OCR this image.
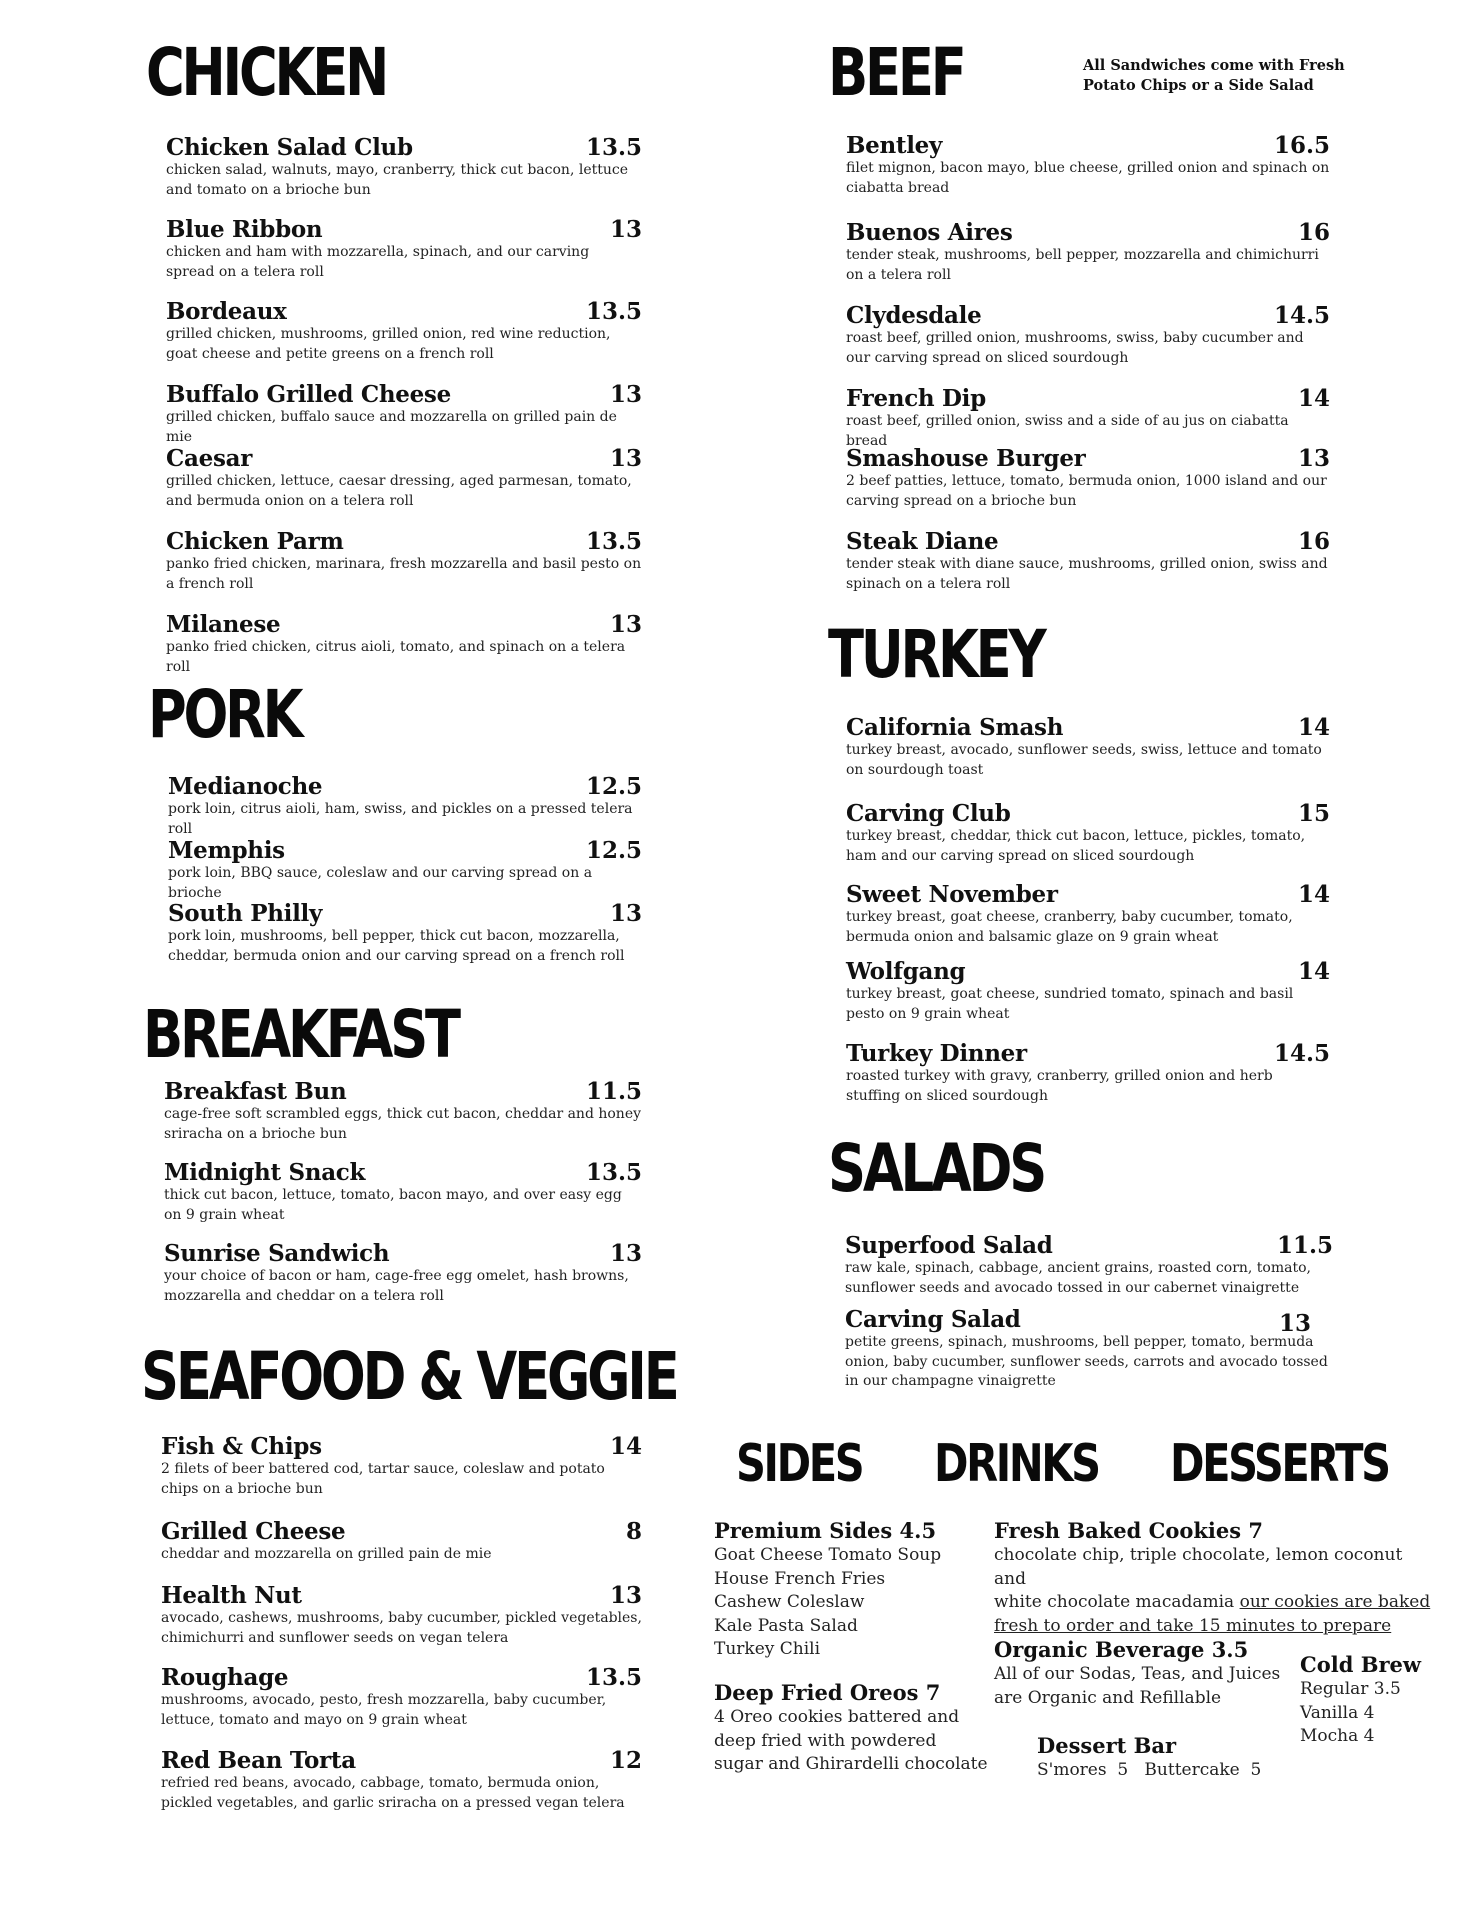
CHICKEN
PORK
BREAKFAST
SEAFOOD & VEGGIE
BEEF
TURKEY
SALADS
SIDES DRINKS DESSERTS
All Sandwiches come with Fresh Potato Chips or a Side Salad
Chicken Salad Club	13.5
chicken salad, walnuts, mayo, cranberry, thick cut bacon, lettuce and tomato on a brioche bun
Blue Ribbon	13
chicken and ham with mozzarella, spinach, and our carving spread on a telera roll
Bordeaux	13.5
grilled chicken, mushrooms, grilled onion, red wine reduction, goat cheese and petite greens on a french roll
Buffalo Grilled Cheese	13
grilled chicken, buffalo sauce and mozzarella on grilled pain de mie
Caesar	13
grilled chicken, lettuce, caesar dressing, aged parmesan, tomato, and bermuda onion on a telera roll
Chicken Parm	13.5
panko fried chicken, marinara, fresh mozzarella and basil pesto on a french roll
Milanese	13
panko fried chicken, citrus aioli, tomato, and spinach on a telera roll
Medianoche	12.5
pork loin, citrus aioli, ham, swiss, and pickles on a pressed telera roll
Memphis	12.5
pork loin, BBQ sauce, coleslaw and our carving spread on a brioche
South Philly	13
pork loin, mushrooms, bell pepper, thick cut bacon, mozzarella, cheddar, bermuda onion and our carving spread on a french roll
Breakfast Bun	11.5
cage-free soft scrambled eggs, thick cut bacon, cheddar and honey sriracha on a brioche bun
Midnight Snack	13.5
thick cut bacon, lettuce, tomato, bacon mayo, and over easy egg on 9 grain wheat
Sunrise Sandwich	13
your choice of bacon or ham, cage-free egg omelet, hash browns, mozzarella and cheddar on a telera roll
Fish & Chips	14
2 filets of beer battered cod, tartar sauce, coleslaw and potato chips on a brioche bun
Grilled Cheese	8
cheddar and mozzarella on grilled pain de mie
Health Nut	13
avocado, cashews, mushrooms, baby cucumber, pickled vegetables, chimichurri and sunflower seeds on vegan telera
Roughage	13.5
mushrooms, avocado, pesto, fresh mozzarella, baby cucumber, lettuce, tomato and mayo on 9 grain wheat
Red Bean Torta	12
refried red beans, avocado, cabbage, tomato, bermuda onion, pickled vegetables, and garlic sriracha on a pressed vegan telera
Bentley	16.5
filet mignon, bacon mayo, blue cheese, grilled onion and spinach on ciabatta bread
Buenos Aires	16
tender steak, mushrooms, bell pepper, mozzarella and chimichurri on a telera roll
Clydesdale	14.5
roast beef, grilled onion, mushrooms, swiss, baby cucumber and our carving spread on sliced sourdough
French Dip	14
roast beef, grilled onion, swiss and a side of au jus on ciabatta bread
Smashouse Burger	13
2 beef patties, lettuce, tomato, bermuda onion, 1000 island and our carving spread on a brioche bun
Steak Diane	16
tender steak with diane sauce, mushrooms, grilled onion, swiss and spinach on a telera roll
California Smash	14
turkey breast, avocado, sunflower seeds, swiss, lettuce and tomato on sourdough toast
Carving Club	15
turkey breast, cheddar, thick cut bacon, lettuce, pickles, tomato, ham and our carving spread on sliced sourdough
Sweet November	14
turkey breast, goat cheese, cranberry, baby cucumber, tomato, bermuda onion and balsamic glaze on 9 grain wheat
Wolfgang	14
turkey breast, goat cheese, sundried tomato, spinach and basil pesto on 9 grain wheat
Turkey Dinner	14.5
roasted turkey with gravy, cranberry, grilled onion and herb stuffing on sliced sourdough
Superfood Salad	11.5
raw kale, spinach, cabbage, ancient grains, roasted corn, tomato, sunflower seeds and avocado tossed in our cabernet vinaigrette
Carving Salad	13
petite greens, spinach, mushrooms, bell pepper, tomato, bermuda onion, baby cucumber, sunflower seeds, carrots and avocado tossed in our champagne vinaigrette
Premium Sides 4.5
Goat Cheese Tomato Soup
House French Fries
Cashew Coleslaw
Kale Pasta Salad
Turkey Chili
Deep Fried Oreos 7
4 Oreo cookies battered and
deep fried with powdered
sugar and Ghirardelli chocolate
Fresh Baked Cookies 7
chocolate chip, triple chocolate, lemon coconut and
white chocolate macadamia our cookies are baked
fresh to order and take 15 minutes to prepare
Organic Beverage 3.5
All of our Sodas, Teas, and Juices
are Organic and Refillable
Cold Brew
Regular 3.5
Vanilla 4
Mocha 4
Dessert Bar
S'mores  5   Buttercake  5
